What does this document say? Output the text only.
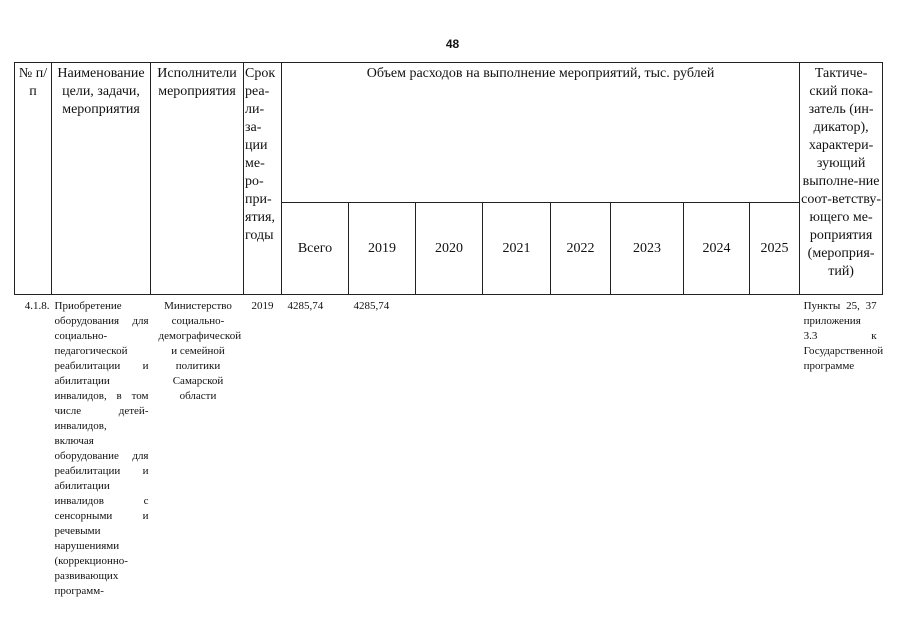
48
№ п/п	Наименование цели, задачи, мероприятия	Исполнители мероприятия	Срок реа-ли-за-ции ме-ро-при-ятия, годы	Объем расходов на выполнение мероприятий, тыс. рублей								Тактиче-ский пока-затель (ин-дикатор), характери-зующий выполне-ние соот-ветству-ющего ме-роприятия (мероприя-тий)
				Всего	2019	2020	2021	2022	2023	2024	2025	
4.1.8.	Приобретение оборудования для социально-педагогической реабилитации и абилитации инвалидов, в том числе детей-инвалидов, включая оборудование для реабилитации и абилитации инвалидов с сенсорными и речевыми нарушениями (коррекционно-развивающих программ-	Министерство социально-демографической и семейной политики Самарской области	2019	4285,74	4285,74							Пункты 25, 37 приложения 3.3 к Государственной программе
